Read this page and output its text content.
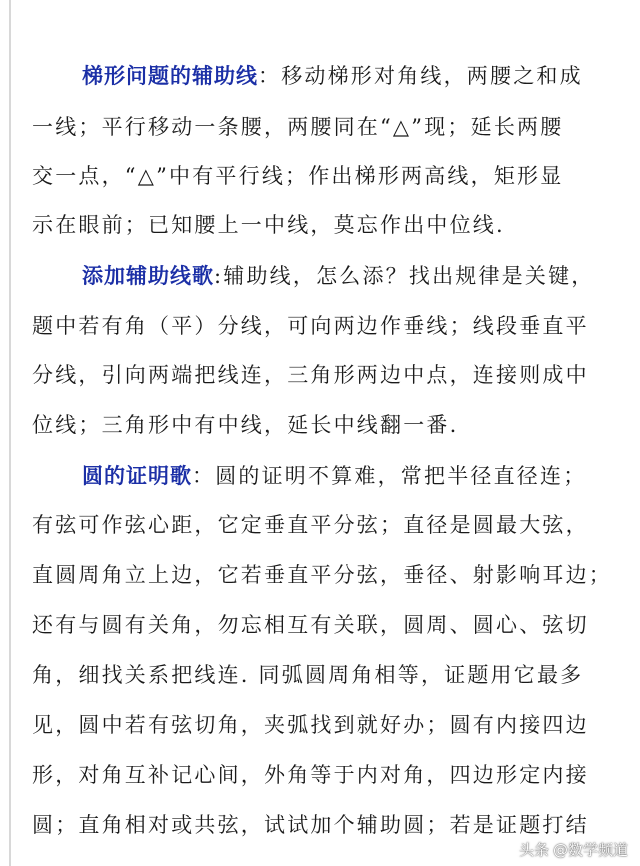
梯形问题的辅助线：移动梯形对角线，两腰之和成
一线；平行移动一条腰，两腰同在“△”现；延长两腰
交一点，“△”中有平行线；作出梯形两高线，矩形显
示在眼前；已知腰上一中线，莫忘作出中位线.
添加辅助线歌:辅助线，怎么添？找出规律是关键，
题中若有角（平）分线，可向两边作垂线；线段垂直平
分线，引向两端把线连，三角形两边中点，连接则成中
位线；三角形中有中线，延长中线翻一番.
圆的证明歌：圆的证明不算难，常把半径直径连；
有弦可作弦心距，它定垂直平分弦；直径是圆最大弦，
直圆周角立上边，它若垂直平分弦，垂径、射影响耳边；
还有与圆有关角，勿忘相互有关联，圆周、圆心、弦切
角，细找关系把线连. 同弧圆周角相等，证题用它最多
见，圆中若有弦切角，夹弧找到就好办；圆有内接四边
形，对角互补记心间，外角等于内对角，四边形定内接
圆；直角相对或共弦，试试加个辅助圆；若是证题打结
头条 @数学频道
